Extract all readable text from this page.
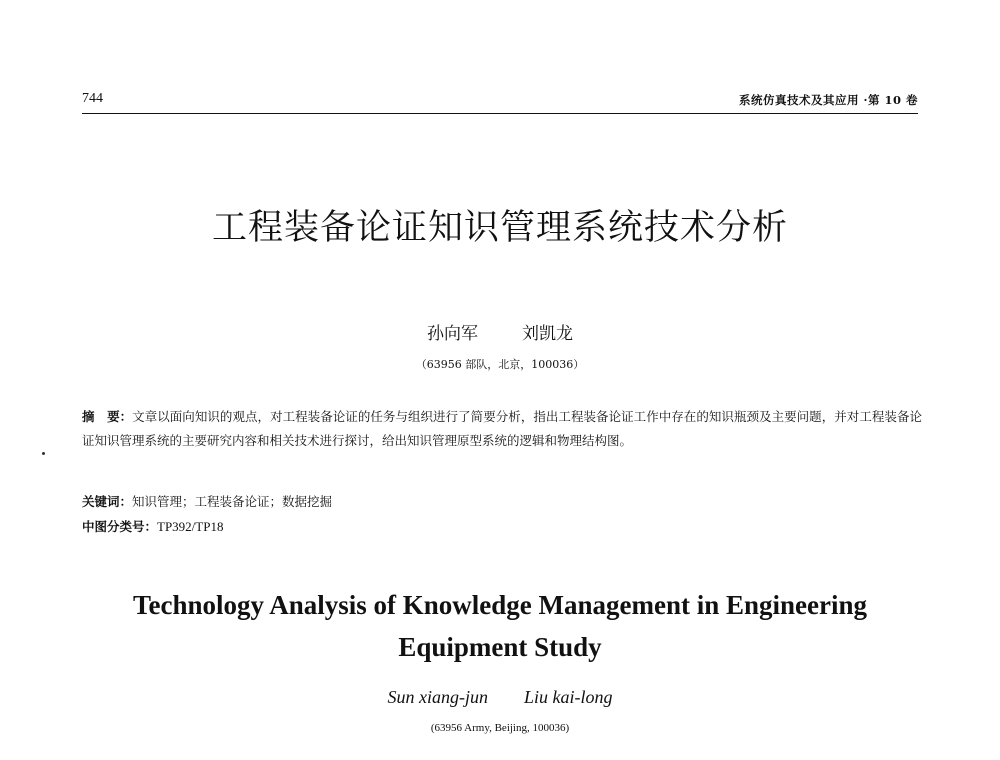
744	系统仿真技术及其应用 ·第 10 卷
工程装备论证知识管理系统技术分析
孙向军	刘凯龙
（63956 部队，北京，100036）
摘　要：文章以面向知识的观点，对工程装备论证的任务与组织进行了简要分析，指出工程装备论证工作中存在的知识瓶颈及主要问题，并对工程装备论证知识管理系统的主要研究内容和相关技术进行探讨，给出知识管理原型系统的逻辑和物理结构图。
关键词：知识管理；工程装备论证；数据挖掘
中图分类号：TP392/TP18
Technology Analysis of Knowledge Management in Engineering
Equipment Study
Sun xiang-jun Liu kai-long
(63956 Army, Beijing, 100036)
